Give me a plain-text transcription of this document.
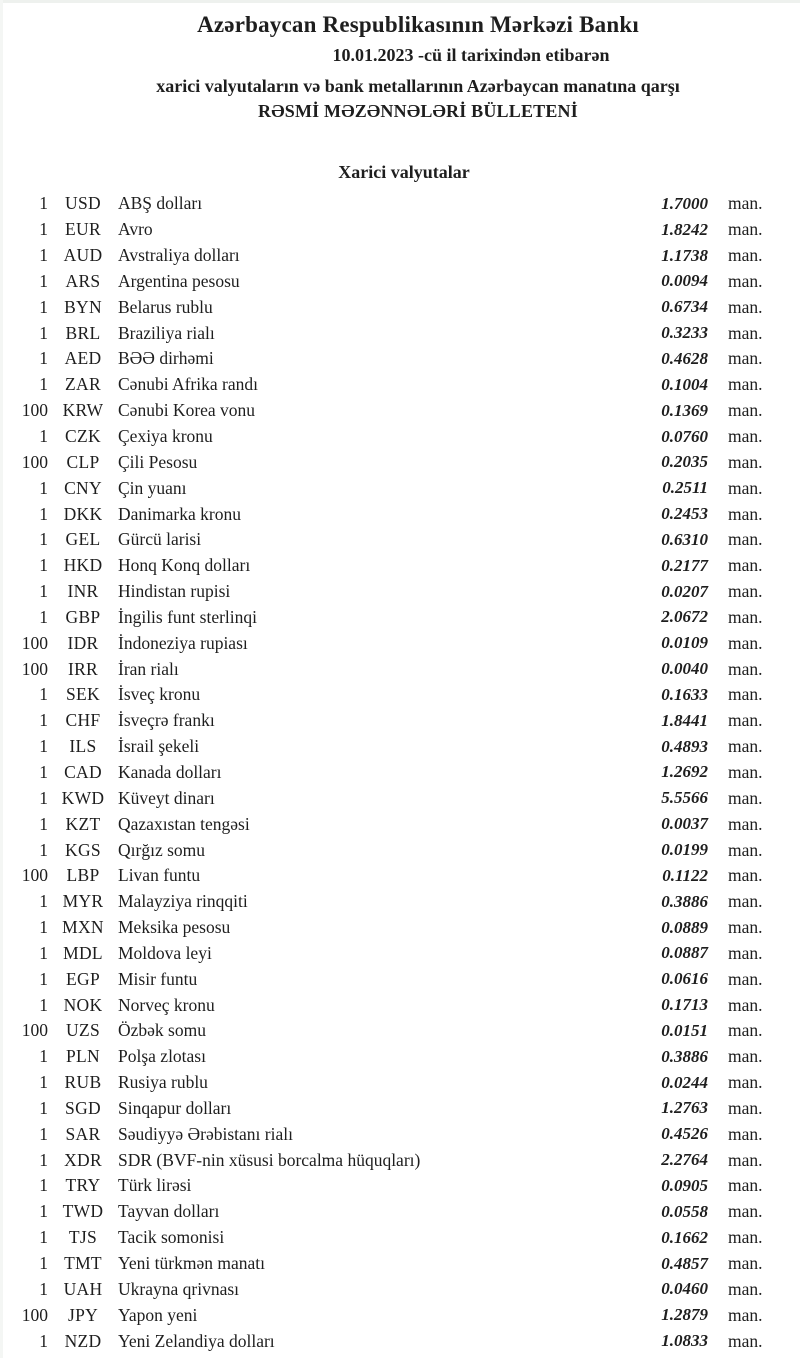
Azərbaycan Respublikasının Mərkəzi Bankı
10.01.2023 -cü il tarixindən etibarən
xarici valyutaların və bank metallarının Azərbaycan manatına qarşı
RƏSMİ MƏZƏNNƏLƏRİ BÜLLETENİ
Xarici valyutalar
1 USD ABŞ dolları	1.7000 man.
1 EUR Avro	1.8242 man.
1 AUD Avstraliya dolları	1.1738 man.
1	ARS	Argentina pesosu	0.0094 man.
1 BYN Belarus rublu	0.6734 man.
1	BRL	Braziliya rialı	0.3233 man.
1 AED BƏƏ dirhəmi	0.4628 man.
1 ZAR Cənubi Afrika randı	0.1004 man.
100 KRW Cənubi Korea vonu	0.1369 man.
1 CZK Çexiya kronu	0.0760 man.
100	CLP	Çili Pesosu	0.2035 man.
1 CNY Çin yuanı	0.2511 man.
1 DKK Danimarka kronu	0.2453 man.
1	GEL	Gürcü larisi	0.6310 man.
1 HKD Honq Konq dolları	0.2177 man.
1	INR	Hindistan rupisi	0.0207 man.
1	GBP	İngilis funt sterlinqi	2.0672 man.
100	IDR	İndoneziya rupiası	0.0109 man.
100	IRR	İran rialı	0.0040 man.
1	SEK	İsveç kronu	0.1633 man.
1	CHF	İsveçrə frankı	1.8441 man.
1	ILS	İsrail şekeli	0.4893 man.
1 CAD Kanada dolları	1.2692 man.
1 KWD Küveyt dinarı	5.5566 man.
1	KZT	Qazaxıstan tengəsi	0.0037 man.
1 KGS Qırğız somu	0.0199 man.
100	LBP	Livan funtu	0.1122 man.
1 MYR Malayziya rinqqiti	0.3886 man.
1 MXN Meksika pesosu	0.0889 man.
1 MDL Moldova leyi	0.0887 man.
1	EGP	Misir funtu	0.0616 man.
1 NOK Norveç kronu	0.1713 man.
100	UZS	Özbək somu	0.0151 man.
1	PLN	Polşa zlotası	0.3886 man.
1 RUB Rusiya rublu	0.0244 man.
1 SGD Sinqapur dolları	1.2763 man.
1	SAR	Səudiyyə Ərəbistanı rialı	0.4526 man.
1 XDR SDR (BVF-nin xüsusi borcalma hüquqları)	2.2764 man.
1	TRY	Türk lirəsi	0.0905 man.
1 TWD Tayvan dolları	0.0558 man.
1	TJS	Tacik somonisi	0.1662 man.
1 TMT Yeni türkmən manatı	0.4857 man.
1 UAH Ukrayna qrivnası	0.0460 man.
100	JPY	Yapon yeni	1.2879 man.
1 NZD Yeni Zelandiya dolları	1.0833 man.
